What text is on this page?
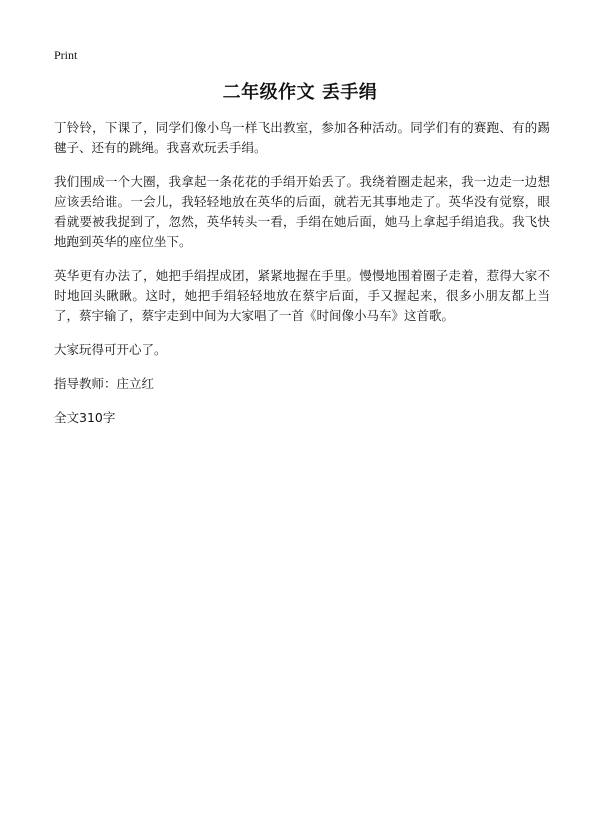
Print
二年级作文 丢手绢

丁铃铃，下课了，同学们像小鸟一样飞出教室，参加各种活动。同学们有的赛跑、有的踢毽子、还有的跳绳。我喜欢玩丢手绢。

我们围成一个大圈，我拿起一条花花的手绢开始丢了。我绕着圈走起来，我一边走一边想应该丢给谁。一会儿，我轻轻地放在英华的后面，就若无其事地走了。英华没有觉察，眼看就要被我捉到了，忽然，英华转头一看，手绢在她后面，她马上拿起手绢追我。我飞快地跑到英华的座位坐下。

英华更有办法了，她把手绢捏成团，紧紧地握在手里。慢慢地围着圈子走着，惹得大家不时地回头瞅瞅。这时，她把手绢轻轻地放在蔡宇后面，手又握起来，很多小朋友都上当了，蔡宇输了，蔡宇走到中间为大家唱了一首《时间像小马车》这首歌。

大家玩得可开心了。

指导教师：庄立红

全文310字
